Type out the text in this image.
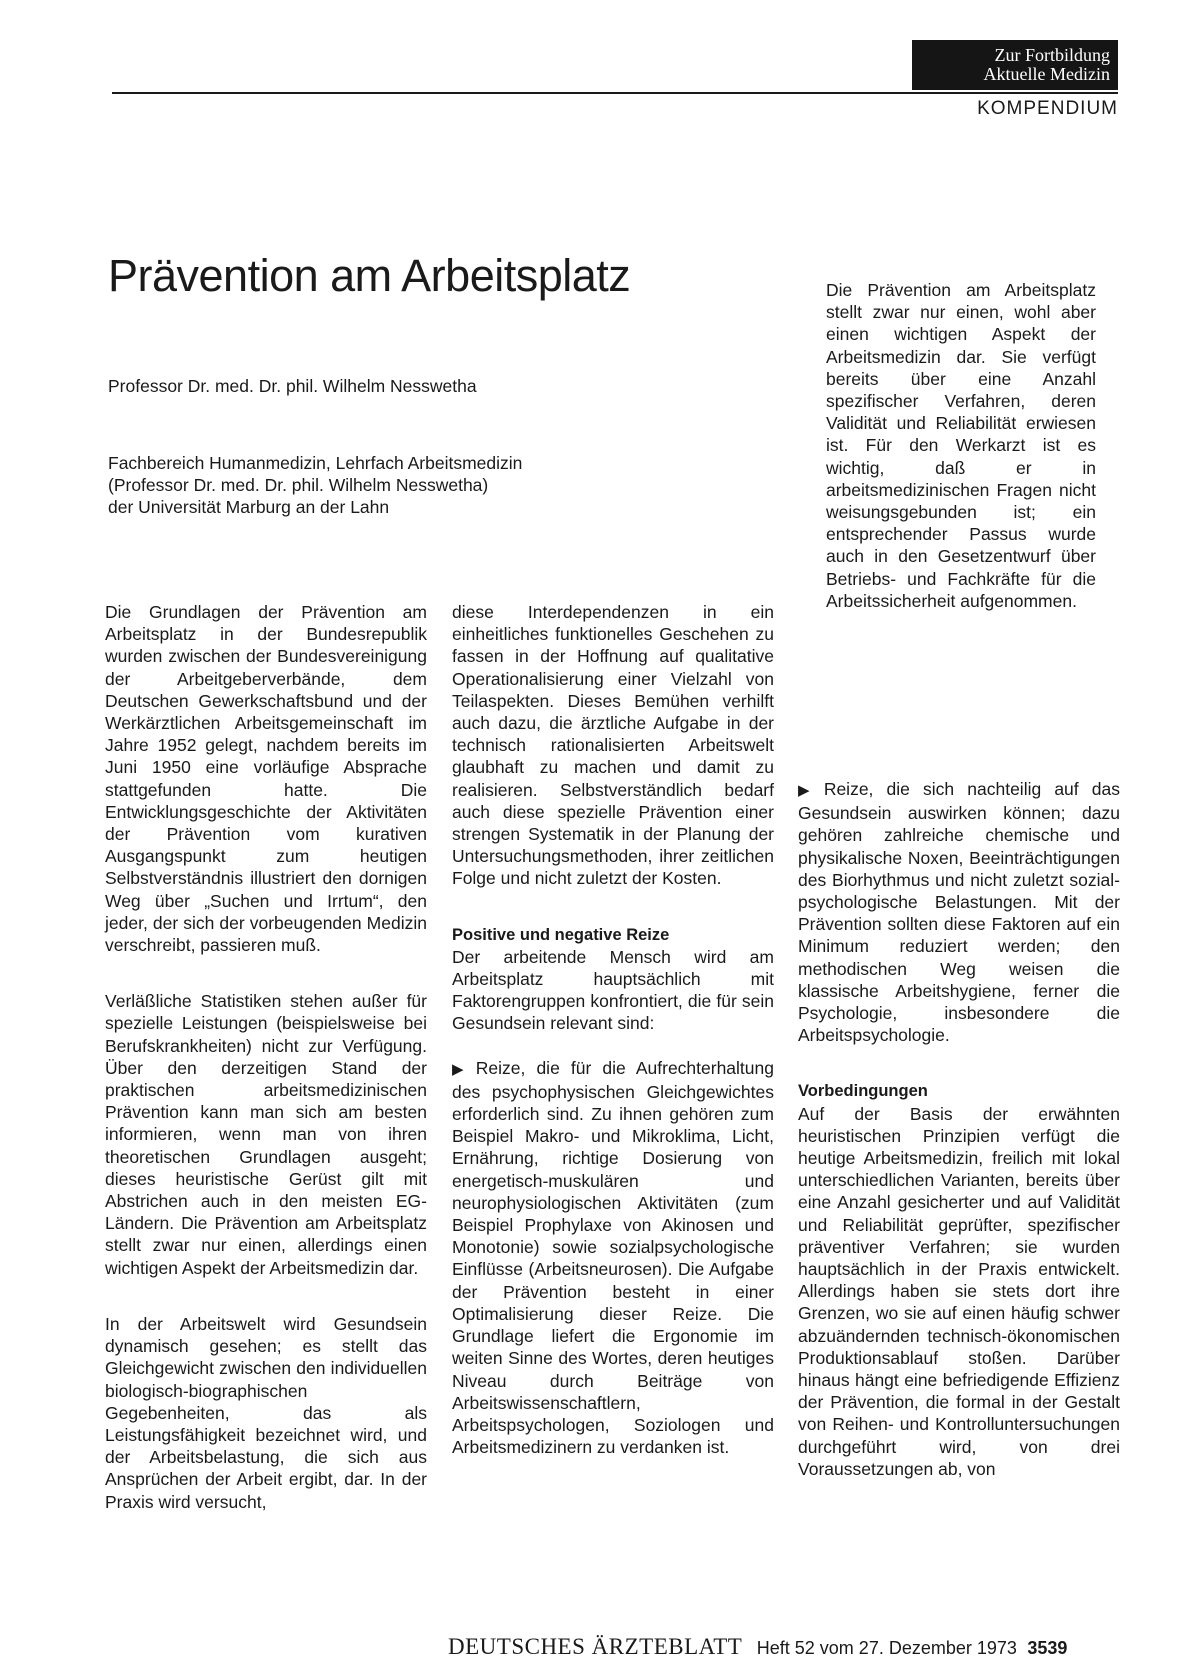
Zur Fortbildung
Aktuelle Medizin
KOMPENDIUM
Prävention am Arbeitsplatz
Professor Dr. med. Dr. phil. Wilhelm Nesswetha
Fachbereich Humanmedizin, Lehrfach Arbeitsmedizin
(Professor Dr. med. Dr. phil. Wilhelm Nesswetha)
der Universität Marburg an der Lahn

Die Prävention am Arbeitsplatz stellt zwar nur einen, wohl aber einen wichtigen Aspekt der Arbeitsmedizin dar. Sie verfügt bereits über eine Anzahl spezifischer Verfahren, deren Validität und Reliabilität erwiesen ist. Für den Werkarzt ist es wichtig, daß er in arbeitsmedizinischen Fragen nicht weisungsgebunden ist; ein entsprechender Passus wurde auch in den Gesetzentwurf über Betriebs- und Fachkräfte für die Arbeitssicherheit aufgenommen.

Die Grundlagen der Prävention am Arbeitsplatz in der Bundesrepublik wurden zwischen der Bundesvereinigung der Arbeitgeberverbände, dem Deutschen Gewerkschaftsbund und der Werkärztlichen Arbeitsgemeinschaft im Jahre 1952 gelegt, nachdem bereits im Juni 1950 eine vorläufige Absprache stattgefunden hatte. Die Entwicklungsgeschichte der Aktivitäten der Prävention vom kurativen Ausgangspunkt zum heutigen Selbstverständnis illustriert den dornigen Weg über „Suchen und Irrtum“, den jeder, der sich der vorbeugenden Medizin verschreibt, passieren muß.

Verläßliche Statistiken stehen außer für spezielle Leistungen (beispielsweise bei Berufskrankheiten) nicht zur Verfügung. Über den derzeitigen Stand der praktischen arbeitsmedizinischen Prävention kann man sich am besten informieren, wenn man von ihren theoretischen Grundlagen ausgeht; dieses heuristische Gerüst gilt mit Abstrichen auch in den meisten EG-Ländern. Die Prävention am Arbeitsplatz stellt zwar nur einen, allerdings einen wichtigen Aspekt der Arbeitsmedizin dar.

In der Arbeitswelt wird Gesundsein dynamisch gesehen; es stellt das Gleichgewicht zwischen den individuellen biologisch-biographischen Gegebenheiten, das als Leistungsfähigkeit bezeichnet wird, und der Arbeitsbelastung, die sich aus Ansprüchen der Arbeit ergibt, dar. In der Praxis wird versucht,

diese Interdependenzen in ein einheitliches funktionelles Geschehen zu fassen in der Hoffnung auf qualitative Operationalisierung einer Vielzahl von Teilaspekten. Dieses Bemühen verhilft auch dazu, die ärztliche Aufgabe in der technisch rationalisierten Arbeitswelt glaubhaft zu machen und damit zu realisieren. Selbstverständlich bedarf auch diese spezielle Prävention einer strengen Systematik in der Planung der Untersuchungsmethoden, ihrer zeitlichen Folge und nicht zuletzt der Kosten.

Positive und negative Reize

Der arbeitende Mensch wird am Arbeitsplatz hauptsächlich mit Faktorengruppen konfrontiert, die für sein Gesundsein relevant sind:

▶ Reize, die für die Aufrechterhaltung des psychophysischen Gleichgewichtes erforderlich sind. Zu ihnen gehören zum Beispiel Makro- und Mikroklima, Licht, Ernährung, richtige Dosierung von energetisch-muskulären und neurophysiologischen Aktivitäten (zum Beispiel Prophylaxe von Akinosen und Monotonie) sowie sozialpsychologische Einflüsse (Arbeitsneurosen). Die Aufgabe der Prävention besteht in einer Optimalisierung dieser Reize. Die Grundlage liefert die Ergonomie im weiten Sinne des Wortes, deren heutiges Niveau durch Beiträge von Arbeitswissenschaftlern, Arbeitspsychologen, Soziologen und Arbeitsmedizinern zu verdanken ist.

▶ Reize, die sich nachteilig auf das Gesundsein auswirken können; dazu gehören zahlreiche chemische und physikalische Noxen, Beeinträchtigungen des Biorhythmus und nicht zuletzt sozial-psychologische Belastungen. Mit der Prävention sollten diese Faktoren auf ein Minimum reduziert werden; den methodischen Weg weisen die klassische Arbeitshygiene, ferner die Psychologie, insbesondere die Arbeitspsychologie.

Vorbedingungen

Auf der Basis der erwähnten heuristischen Prinzipien verfügt die heutige Arbeitsmedizin, freilich mit lokal unterschiedlichen Varianten, bereits über eine Anzahl gesicherter und auf Validität und Reliabilität geprüfter, spezifischer präventiver Verfahren; sie wurden hauptsächlich in der Praxis entwickelt. Allerdings haben sie stets dort ihre Grenzen, wo sie auf einen häufig schwer abzuändernden technisch-ökonomischen Produktionsablauf stoßen. Darüber hinaus hängt eine befriedigende Effizienz der Prävention, die formal in der Gestalt von Reihen- und Kontrolluntersuchungen durchgeführt wird, von drei Voraussetzungen ab, von

DEUTSCHES ÄRZTEBLATT Heft 52 vom 27. Dezember 1973 3539
